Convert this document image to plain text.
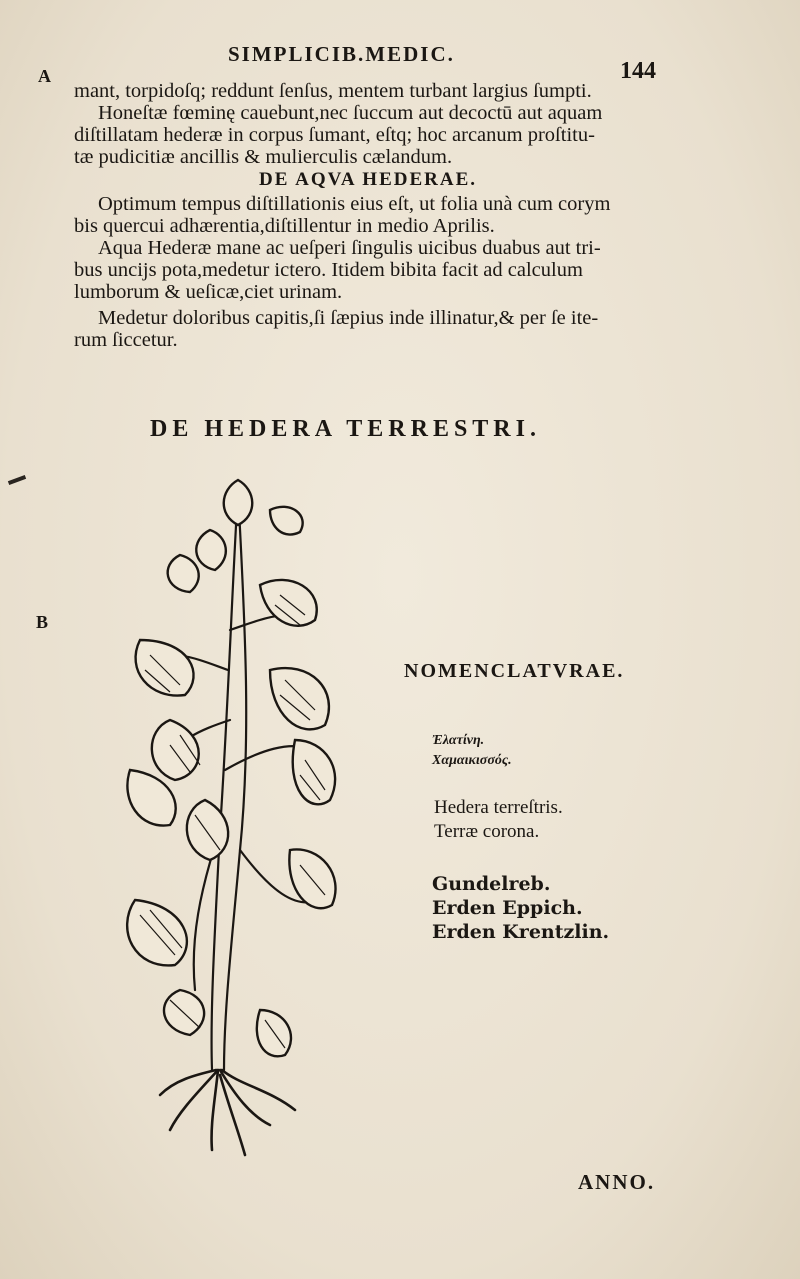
SIMPLICIB.MEDIC.
144
A
B

mant, torpidoſq; reddunt ſenſus, mentem turbant largius ſumpti.

Honeſtæ fœminę cauebunt,nec ſuccum aut decoctū aut aquam

diſtillatam hederæ in corpus ſumant, eſtq; hoc arcanum proſtitu-

tæ pudicitiæ ancillis & mulierculis cælandum.

DE AQVA HEDERAE.

Optimum tempus diſtillationis eius eſt, ut folia unà cum corym

bis quercui adhærentia,diſtillentur in medio Aprilis.

Aqua Hederæ mane ac ueſperi ſingulis uicibus duabus aut tri-

bus uncijs pota,medetur ictero. Itidem bibita facit ad calculum

lumborum & ueſicæ,ciet urinam.

Medetur doloribus capitis,ſi ſæpius inde illinatur,& per ſe ite-

rum ſiccetur.

DE HEDERA TERRESTRI.
NOMENCLATVRAE.
Ἐλατίνη.
Χαμαικισσός.
Hedera terreſtris.
Terræ corona.
Gundelreb.
Erden Eppich.
Erden Krentzlin.
ANNO.
